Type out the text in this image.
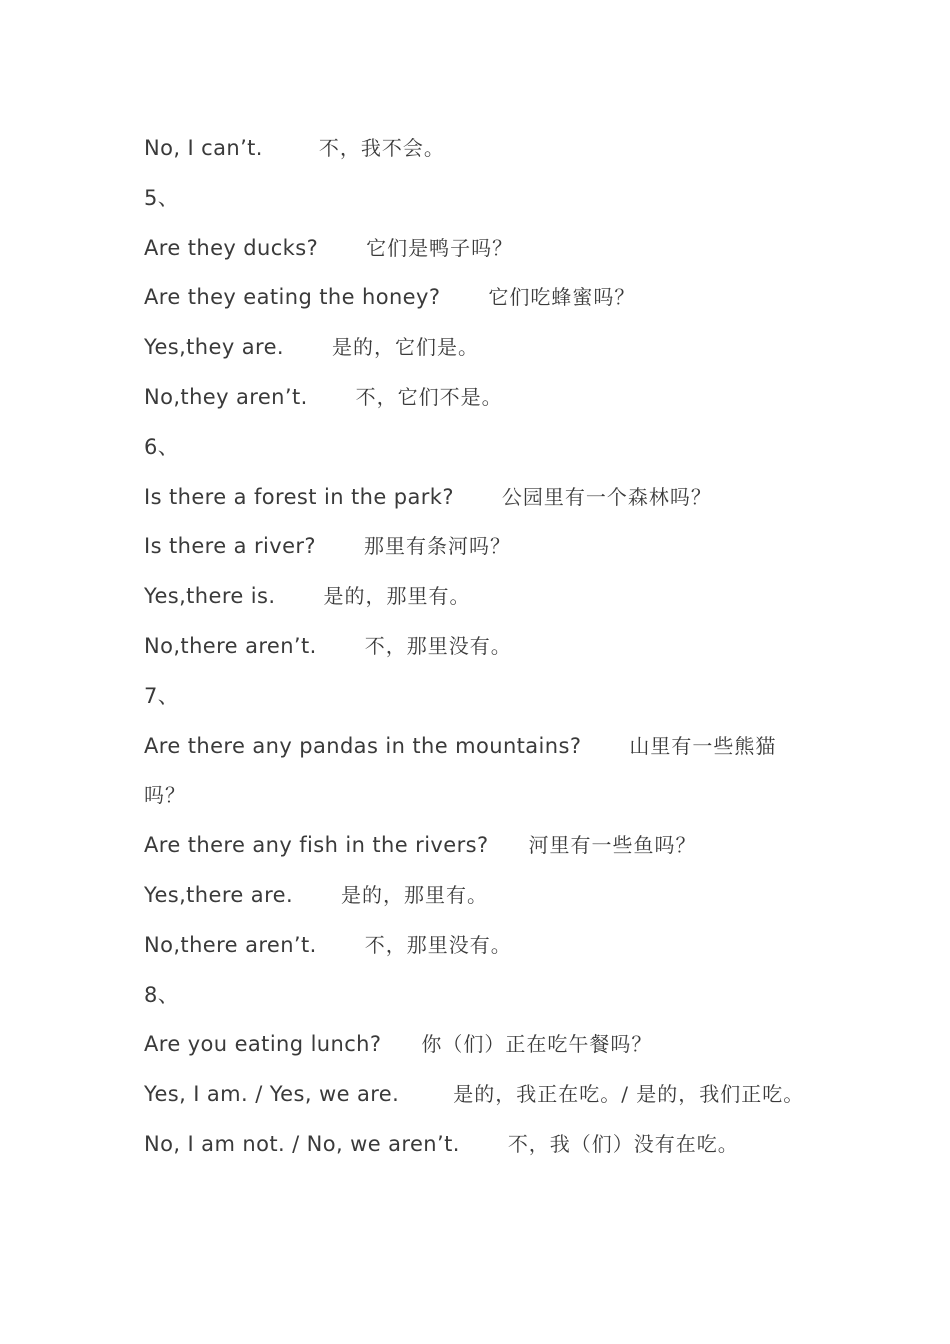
No, I can’t.	不，我不会。
5、
Are they ducks? 它们是鸭子吗？
Are they eating the honey? 它们吃蜂蜜吗？
Yes,they are. 是的，它们是。
No,they aren’t. 不，它们不是。
6、
Is there a forest in the park? 公园里有一个森林吗？
Is there a river? 那里有条河吗？
Yes,there is. 是的，那里有。
No,there aren’t. 不，那里没有。
7、
Are there any pandas in the mountains? 山里有一些熊猫吗？
Are there any fish in the rivers? 河里有一些鱼吗？
Yes,there are. 是的，那里有。
No,there aren’t. 不，那里没有。
8、
Are you eating lunch? 你（们）正在吃午餐吗？
Yes, I am. / Yes, we are.	是的，我正在吃。/ 是的，我们正吃。
No, I am not. / No, we aren’t. 不，我（们）没有在吃。
